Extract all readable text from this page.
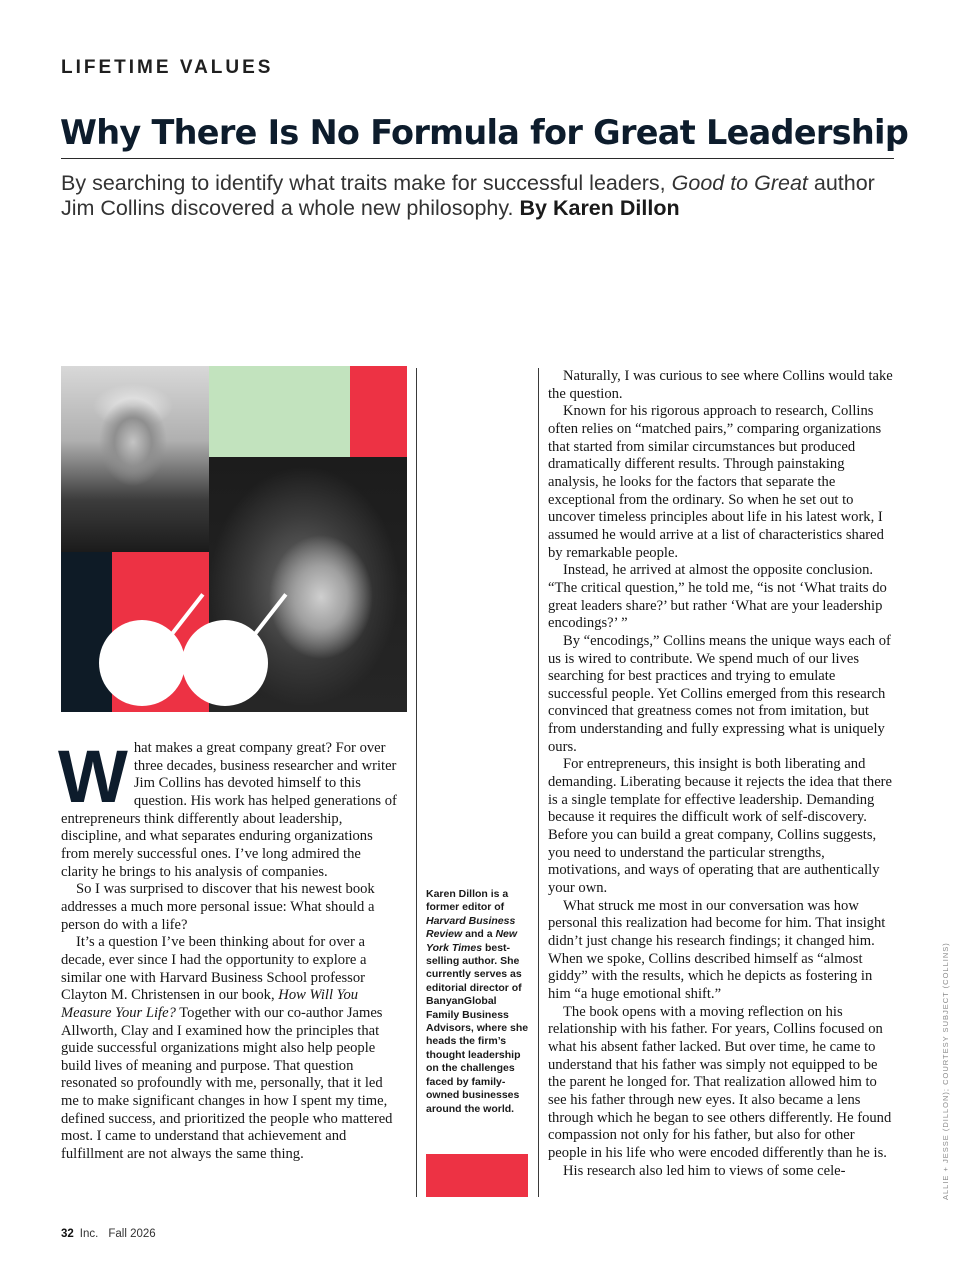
LIFETIME VALUES
Why There Is No Formula for Great Leadership

By searching to identify what traits make for successful leaders, Good to Great author Jim Collins discovered a whole new philosophy. By Karen Dillon

What makes a great company great? For over three decades, business researcher and writer Jim Collins has devoted himself to this question. His work has helped generations of entrepreneurs think differently about leadership, discipline, and what separates enduring organizations from merely successful ones. I’ve long admired the clarity he brings to his analysis of companies.

So I was surprised to discover that his newest book addresses a much more personal issue: What should a person do with a life?

It’s a question I’ve been thinking about for over a decade, ever since I had the opportunity to explore a similar one with Harvard Business School professor Clayton M. Christensen in our book, How Will You Measure Your Life? Together with our co-author James Allworth, Clay and I examined how the principles that guide successful organizations might also help people build lives of meaning and purpose. That question resonated so profoundly with me, personally, that it led me to make significant changes in how I spent my time, defined success, and prioritized the people who mattered most. I came to understand that achievement and fulfillment are not always the same thing.

Karen Dillon is a former editor of Harvard Business Review and a New York Times best-selling author. She currently serves as editorial director of BanyanGlobal Family Business Advisors, where she heads the firm’s thought leadership on the challenges faced by family-owned businesses around the world.

Naturally, I was curious to see where Collins would take the question.

Known for his rigorous approach to research, Collins often relies on “matched pairs,” comparing organizations that started from similar circumstances but produced dramatically different results. Through painstaking analysis, he looks for the factors that separate the exceptional from the ordinary. So when he set out to uncover timeless principles about life in his latest work, I assumed he would arrive at a list of characteristics shared by remarkable people.

Instead, he arrived at almost the opposite conclusion. “The critical question,” he told me, “is not ‘What traits do great leaders share?’ but rather ‘What are your leadership encodings?’ ”

By “encodings,” Collins means the unique ways each of us is wired to contribute. We spend much of our lives searching for best practices and trying to emulate successful people. Yet Collins emerged from this research convinced that greatness comes not from imitation, but from understanding and fully expressing what is uniquely ours.

For entrepreneurs, this insight is both liberating and demanding. Liberating because it rejects the idea that there is a single template for effective leadership. Demanding because it requires the difficult work of self-discovery. Before you can build a great company, Collins suggests, you need to understand the particular strengths, motivations, and ways of operating that are authentically your own.

What struck me most in our conversation was how personal this realization had become for him. That insight didn’t just change his research findings; it changed him. When we spoke, Collins described himself as “almost giddy” with the results, which he depicts as fostering in him “a huge emotional shift.”

The book opens with a moving reflection on his relationship with his father. For years, Collins focused on what his absent father lacked. But over time, he came to understand that his father was simply not equipped to be the parent he longed for. That realization allowed him to see his father through new eyes. It also became a lens through which he began to see others differently. He found compassion not only for his father, but also for other people in his life who were encoded differently than he is.

His research also led him to views of some cele-	ALLIE + JESSE (DILLON); COURTESY SUBJECT (COLLINS)
32 Inc. Fall 2026
